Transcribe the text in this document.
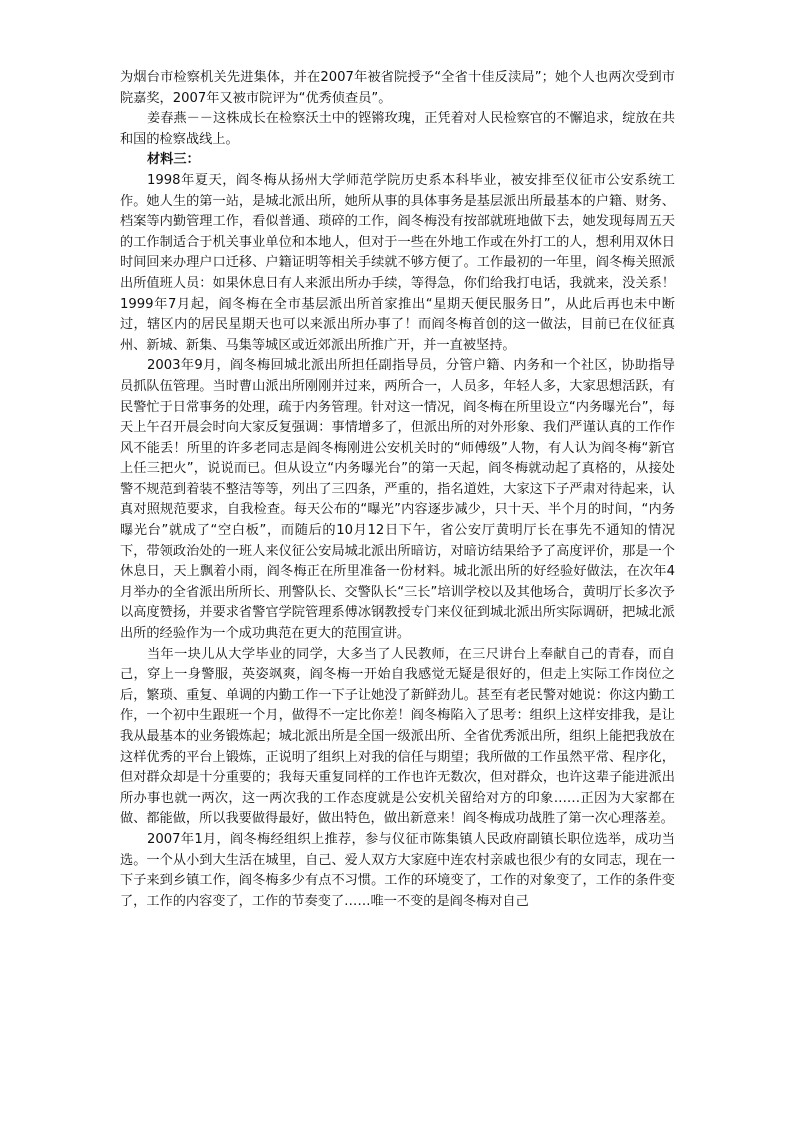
为烟台市检察机关先进集体，并在2007年被省院授予“全省十佳反渎局”；她个人也两次受到市院嘉奖，2007年又被市院评为“优秀侦查员”。

姜春燕－－这株成长在检察沃土中的铿锵玫瑰，正凭着对人民检察官的不懈追求，绽放在共和国的检察战线上。

材料三：

1998年夏天，阎冬梅从扬州大学师范学院历史系本科毕业，被安排至仪征市公安系统工作。她人生的第一站，是城北派出所，她所从事的具体事务是基层派出所最基本的户籍、财务、档案等内勤管理工作，看似普通、琐碎的工作，阎冬梅没有按部就班地做下去，她发现每周五天的工作制适合于机关事业单位和本地人，但对于一些在外地工作或在外打工的人，想利用双休日时间回来办理户口迁移、户籍证明等相关手续就不够方便了。工作最初的一年里，阎冬梅关照派出所值班人员：如果休息日有人来派出所办手续，等得急，你们给我打电话，我就来，没关系！1999年7月起，阎冬梅在全市基层派出所首家推出“星期天便民服务日”，从此后再也未中断过，辖区内的居民星期天也可以来派出所办事了！而阎冬梅首创的这一做法，目前已在仪征真州、新城、新集、马集等城区或近郊派出所推广开，并一直被坚持。

2003年9月，阎冬梅回城北派出所担任副指导员，分管户籍、内务和一个社区，协助指导员抓队伍管理。当时曹山派出所刚刚并过来，两所合一，人员多，年轻人多，大家思想活跃，有民警忙于日常事务的处理，疏于内务管理。针对这一情况，阎冬梅在所里设立“内务曝光台”，每天上午召开晨会时向大家反复强调：事情增多了，但派出所的对外形象、我们严谨认真的工作作风不能丢！所里的许多老同志是阎冬梅刚进公安机关时的“师傅级”人物，有人认为阎冬梅“新官上任三把火”，说说而已。但从设立“内务曝光台”的第一天起，阎冬梅就动起了真格的，从接处警不规范到着装不整洁等等，列出了三四条，严重的，指名道姓，大家这下子严肃对待起来，认真对照规范要求，自我检查。每天公布的“曝光”内容逐步减少，只十天、半个月的时间，“内务曝光台”就成了“空白板”，而随后的10月12日下午，省公安厅黄明厅长在事先不通知的情况下，带领政治处的一班人来仪征公安局城北派出所暗访，对暗访结果给予了高度评价，那是一个休息日，天上飘着小雨，阎冬梅正在所里准备一份材料。城北派出所的好经验好做法，在次年4月举办的全省派出所所长、刑警队长、交警队长“三长”培训学校以及其他场合，黄明厅长多次予以高度赞扬，并要求省警官学院管理系傅冰钢教授专门来仪征到城北派出所实际调研，把城北派出所的经验作为一个成功典范在更大的范围宣讲。

当年一块儿从大学毕业的同学，大多当了人民教师，在三尺讲台上奉献自己的青春，而自己，穿上一身警服，英姿飒爽，阎冬梅一开始自我感觉无疑是很好的，但走上实际工作岗位之后，繁琐、重复、单调的内勤工作一下子让她没了新鲜劲儿。甚至有老民警对她说：你这内勤工作，一个初中生跟班一个月，做得不一定比你差！阎冬梅陷入了思考：组织上这样安排我，是让我从最基本的业务锻炼起；城北派出所是全国一级派出所、全省优秀派出所，组织上能把我放在这样优秀的平台上锻炼，正说明了组织上对我的信任与期望；我所做的工作虽然平常、程序化，但对群众却是十分重要的；我每天重复同样的工作也许无数次，但对群众，也许这辈子能进派出所办事也就一两次，这一两次我的工作态度就是公安机关留给对方的印象……正因为大家都在做、都能做，所以我要做得最好，做出特色，做出新意来！阎冬梅成功战胜了第一次心理落差。

2007年1月，阎冬梅经组织上推荐，参与仪征市陈集镇人民政府副镇长职位选举，成功当选。一个从小到大生活在城里，自己、爱人双方大家庭中连农村亲戚也很少有的女同志，现在一下子来到乡镇工作，阎冬梅多少有点不习惯。工作的环境变了，工作的对象变了，工作的条件变了，工作的内容变了，工作的节奏变了……唯一不变的是阎冬梅对自己
